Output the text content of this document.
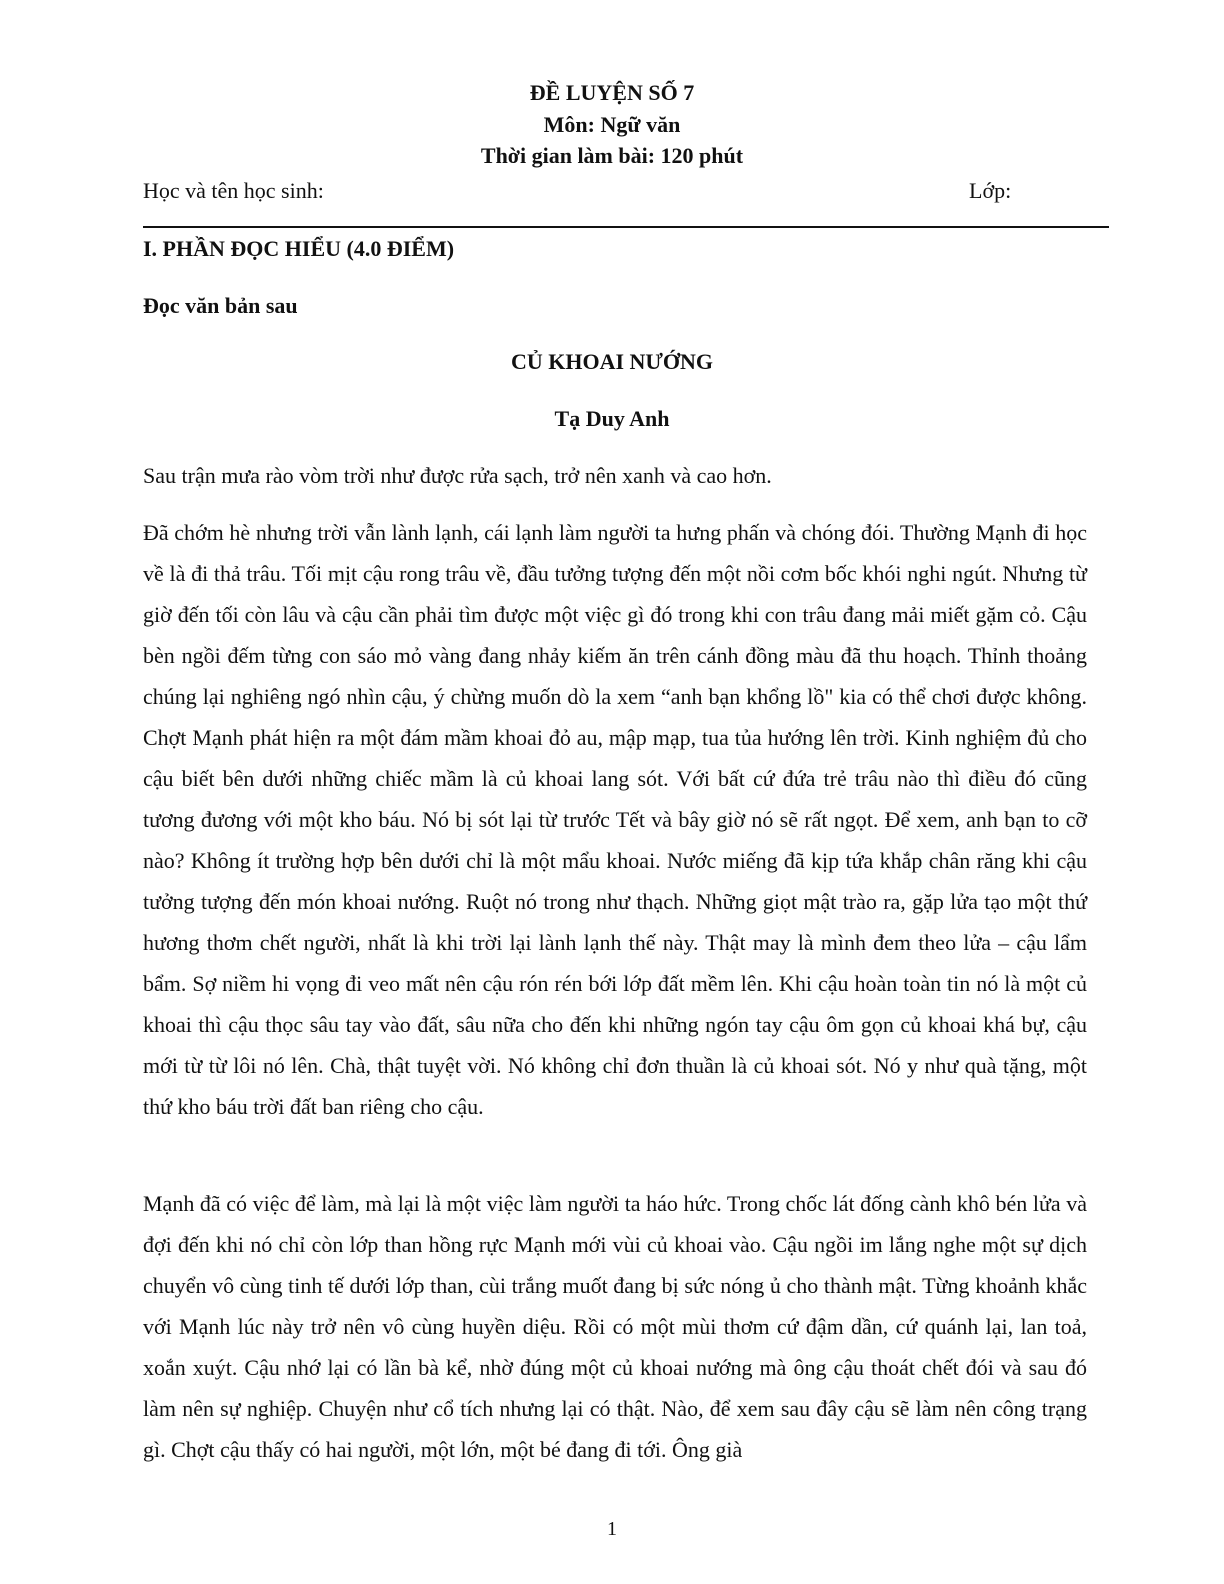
ĐỀ LUYỆN SỐ 7
Môn: Ngữ văn
Thời gian làm bài: 120 phút
Học và tên học sinh:	Lớp:
I. PHẦN ĐỌC HIỂU (4.0 ĐIỂM)
Đọc văn bản sau
CỦ KHOAI NƯỚNG
Tạ Duy Anh

Sau trận mưa rào vòm trời như được rửa sạch, trở nên xanh và cao hơn.

Đã chớm hè nhưng trời vẫn lành lạnh, cái lạnh làm người ta hưng phấn và chóng đói. Thường Mạnh đi học về là đi thả trâu. Tối mịt cậu rong trâu về, đầu tưởng tượng đến một nồi cơm bốc khói nghi ngút. Nhưng từ giờ đến tối còn lâu và cậu cần phải tìm được một việc gì đó trong khi con trâu đang mải miết gặm cỏ. Cậu bèn ngồi đếm từng con sáo mỏ vàng đang nhảy kiếm ăn trên cánh đồng màu đã thu hoạch. Thỉnh thoảng chúng lại nghiêng ngó nhìn cậu, ý chừng muốn dò la xem “anh bạn khổng lồ" kia có thể chơi được không. Chợt Mạnh phát hiện ra một đám mầm khoai đỏ au, mập mạp, tua tủa hướng lên trời. Kinh nghiệm đủ cho cậu biết bên dưới những chiếc mầm là củ khoai lang sót. Với bất cứ đứa trẻ trâu nào thì điều đó cũng tương đương với một kho báu. Nó bị sót lại từ trước Tết và bây giờ nó sẽ rất ngọt. Để xem, anh bạn to cỡ nào? Không ít trường hợp bên dưới chỉ là một mẩu khoai. Nước miếng đã kịp tứa khắp chân răng khi cậu tưởng tượng đến món khoai nướng. Ruột nó trong như thạch. Những giọt mật trào ra, gặp lửa tạo một thứ hương thơm chết người, nhất là khi trời lại lành lạnh thế này. Thật may là mình đem theo lửa – cậu lẩm bẩm. Sợ niềm hi vọng đi veo mất nên cậu rón rén bới lớp đất mềm lên. Khi cậu hoàn toàn tin nó là một củ khoai thì cậu thọc sâu tay vào đất, sâu nữa cho đến khi những ngón tay cậu ôm gọn củ khoai khá bự, cậu mới từ từ lôi nó lên. Chà, thật tuyệt vời. Nó không chỉ đơn thuần là củ khoai sót. Nó y như quà tặng, một thứ kho báu trời đất ban riêng cho cậu.

Mạnh đã có việc để làm, mà lại là một việc làm người ta háo hức. Trong chốc lát đống cành khô bén lửa và đợi đến khi nó chỉ còn lớp than hồng rực Mạnh mới vùi củ khoai vào. Cậu ngồi im lắng nghe một sự dịch chuyển vô cùng tinh tế dưới lớp than, cùi trắng muốt đang bị sức nóng ủ cho thành mật. Từng khoảnh khắc với Mạnh lúc này trở nên vô cùng huyền diệu. Rồi có một mùi thơm cứ đậm dần, cứ quánh lại, lan toả, xoắn xuýt. Cậu nhớ lại có lần bà kể, nhờ đúng một củ khoai nướng mà ông cậu thoát chết đói và sau đó làm nên sự nghiệp. Chuyện như cổ tích nhưng lại có thật. Nào, để xem sau đây cậu sẽ làm nên công trạng gì. Chợt cậu thấy có hai người, một lớn, một bé đang đi tới. Ông già

1
